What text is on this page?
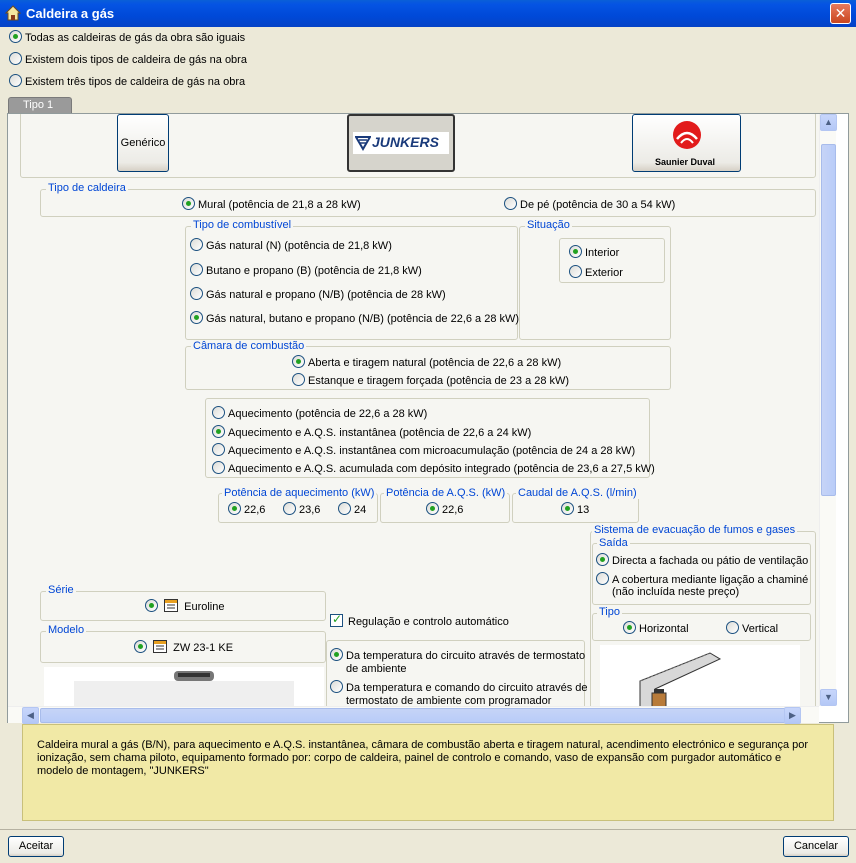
Caldeira a gás	✕
Todas as caldeiras de gás da obra são iguais
Existem dois tipos de caldeira de gás na obra
Existem três tipos de caldeira de gás na obra
Tipo 1
Genérico	JUNKERS
Saunier Duval
Tipo de caldeira
Mural (potência de 21,8 a 28 kW)	De pé (potência de 30 a 54 kW)
Tipo de combustível
Gás natural (N) (potência de 21,8 kW)
Butano e propano (B) (potência de 21,8 kW)
Gás natural e propano (N/B) (potência de 28 kW)
Gás natural, butano e propano (N/B) (potência de 22,6 a 28 kW)
Situação
Interior
Exterior
Câmara de combustão
Aberta e tiragem natural (potência de 22,6 a 28 kW)
Estanque e tiragem forçada (potência de 23 a 28 kW)
Aquecimento (potência de 22,6 a 28 kW)
Aquecimento e A.Q.S. instantânea (potência de 22,6 a 24 kW)
Aquecimento e A.Q.S. instantânea com microacumulação (potência de 24 a 28 kW)
Aquecimento e A.Q.S. acumulada com depósito integrado (potência de 23,6 a 27,5 kW)
Potência de aquecimento (kW)
22,6	23,6	24
Potência de A.Q.S. (kW)
22,6
Caudal de A.Q.S. (l/min)
13
Sistema de evacuação de fumos e gases
Saída
Directa a fachada ou pátio de ventilação
A cobertura mediante ligação a chaminé
(não incluída neste preço)
Tipo
Horizontal	Vertical
Série
Euroline
Modelo
ZW 23-1 KE
✓Regulação e controlo automático
Da temperatura do circuito através de termostato
de ambiente
Da temperatura e comando do circuito através de
termostato de ambiente com programador
▲
▼
◀	▶
Caldeira mural a gás (B/N), para aquecimento e A.Q.S. instantânea, câmara de combustão aberta e tiragem natural, acendimento electrónico e segurança por ionização, sem chama piloto, equipamento formado por: corpo de caldeira, painel de controlo e comando, vaso de expansão com purgador automático e modelo de montagem, "JUNKERS"
Aceitar	Cancelar
